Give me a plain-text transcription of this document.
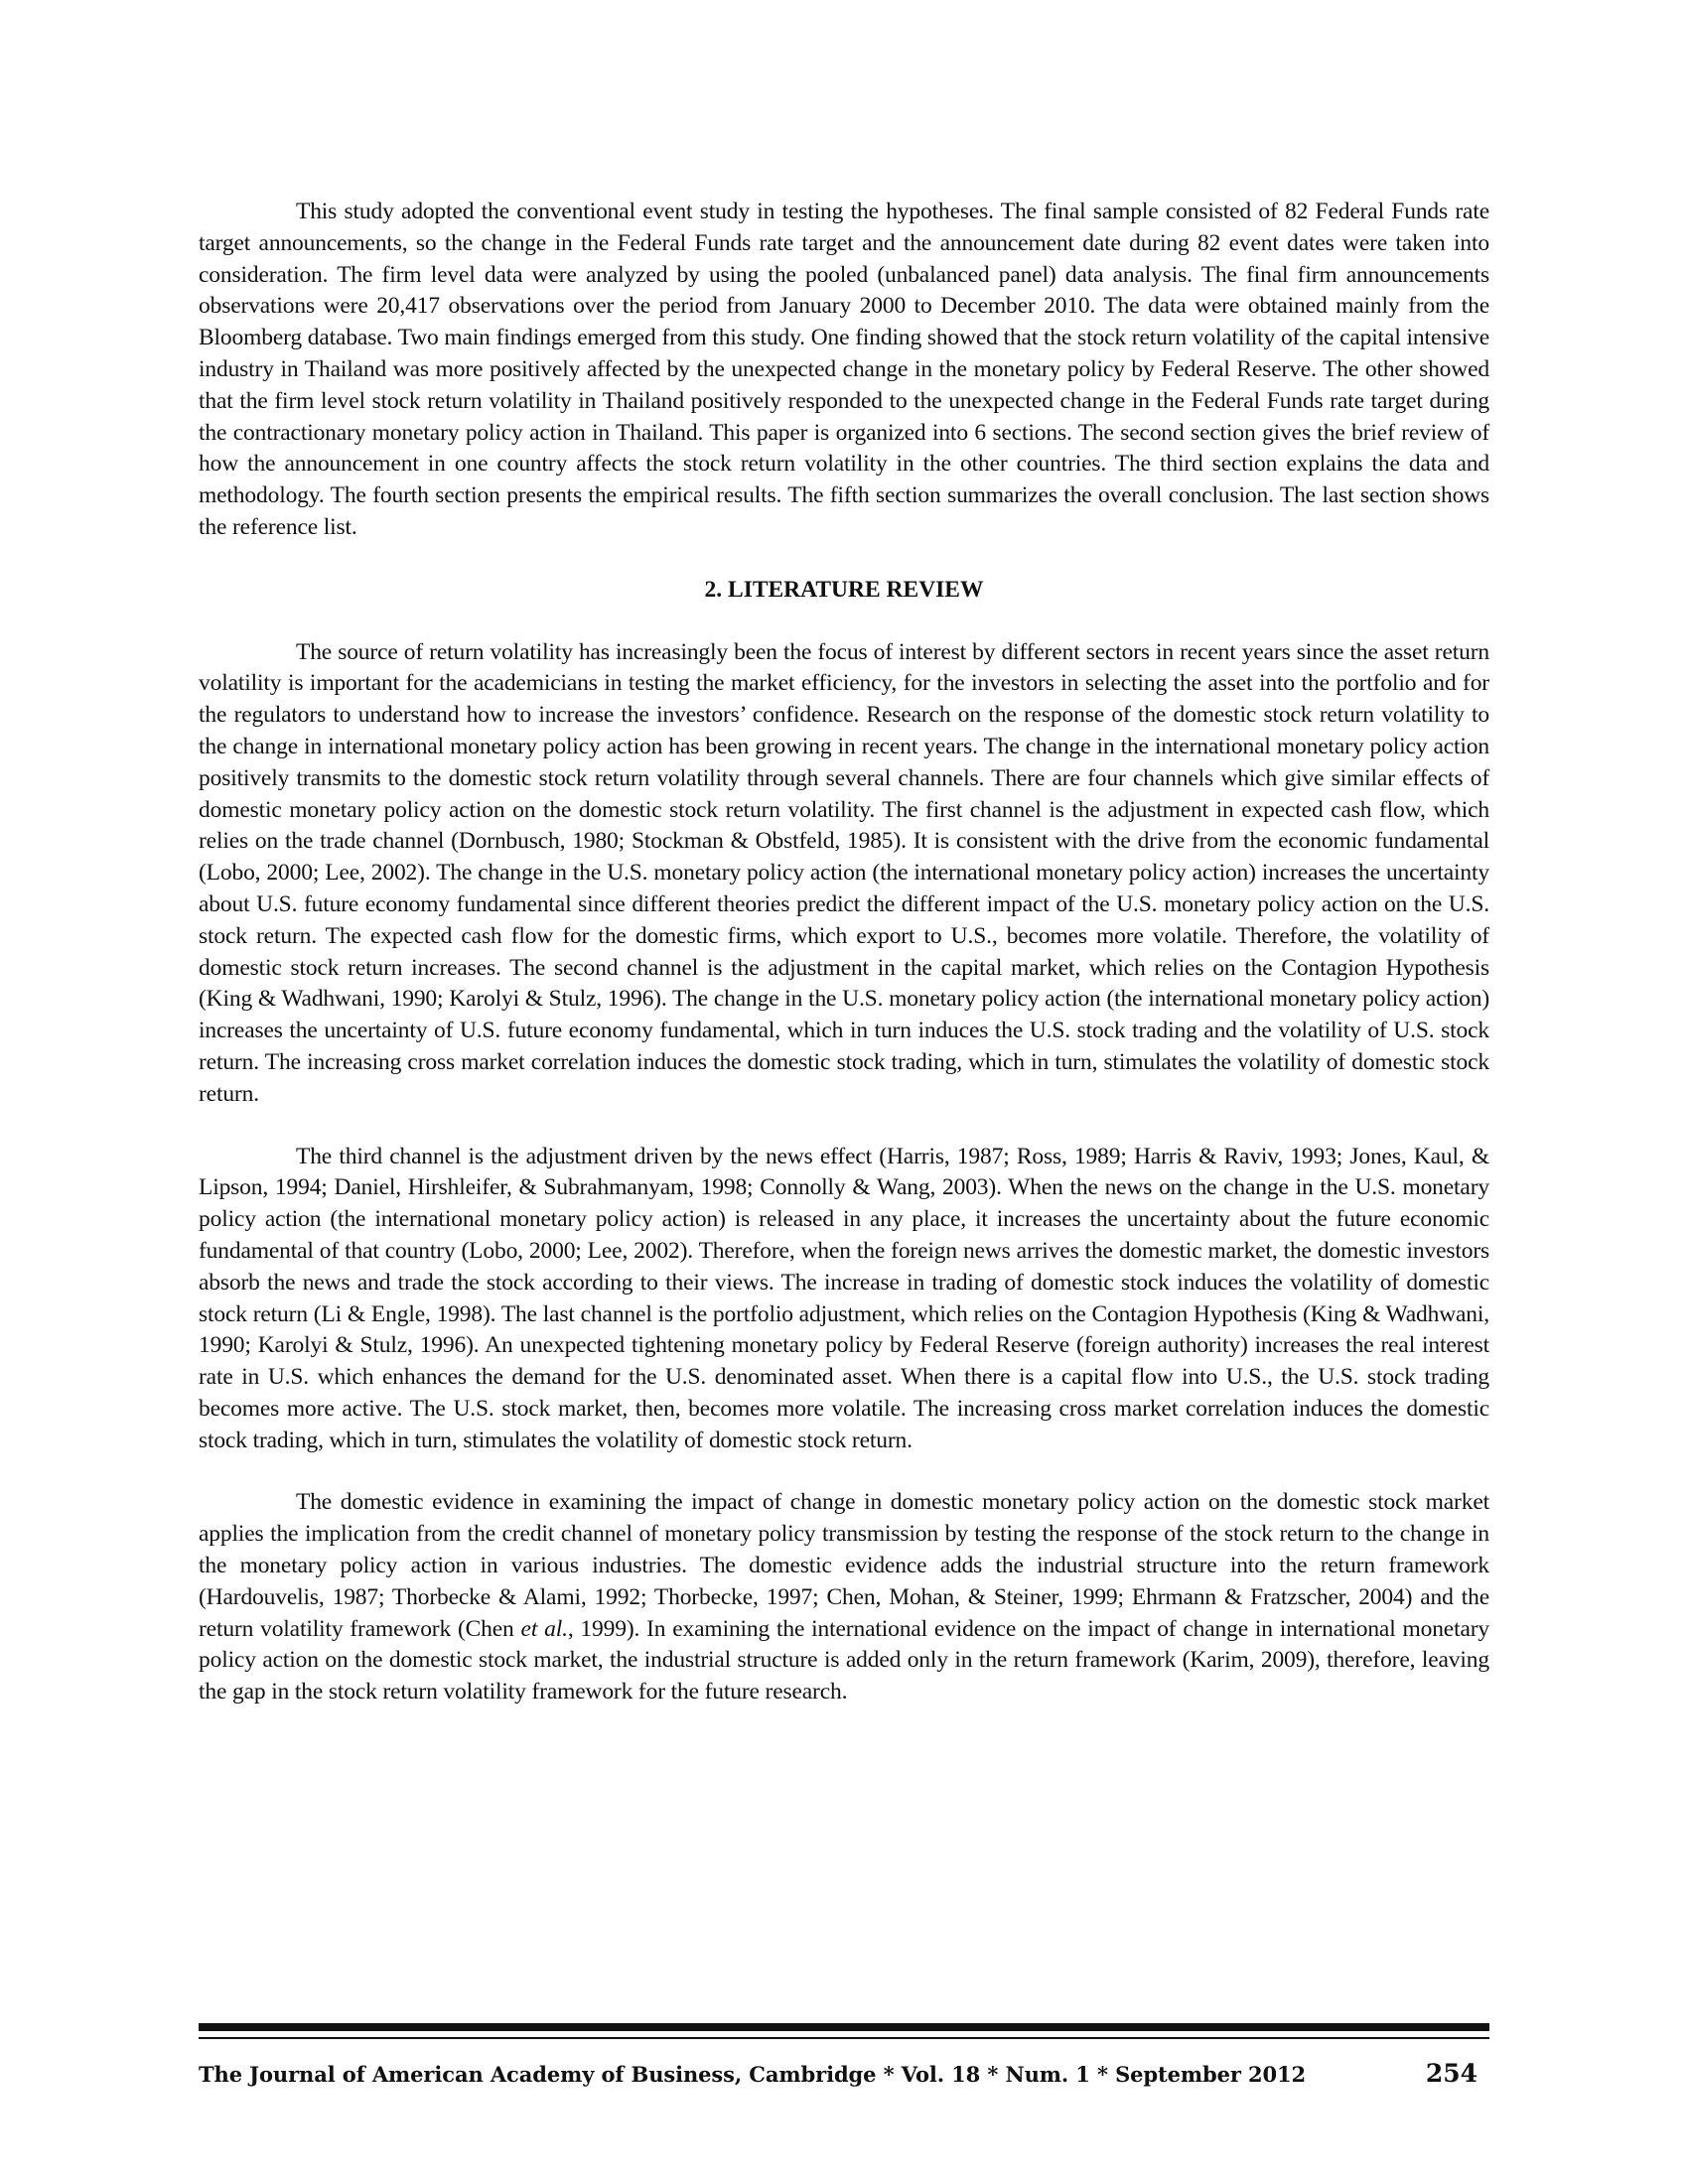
This study adopted the conventional event study in testing the hypotheses. The final sample consisted of 82 Federal Funds rate target announcements, so the change in the Federal Funds rate target and the announcement date during 82 event dates were taken into consideration. The firm level data were analyzed by using the pooled (unbalanced panel) data analysis. The final firm announcements observations were 20,417 observations over the period from January 2000 to December 2010. The data were obtained mainly from the Bloomberg database. Two main findings emerged from this study. One finding showed that the stock return volatility of the capital intensive industry in Thailand was more positively affected by the unexpected change in the monetary policy by Federal Reserve. The other showed that the firm level stock return volatility in Thailand positively responded to the unexpected change in the Federal Funds rate target during the contractionary monetary policy action in Thailand. This paper is organized into 6 sections. The second section gives the brief review of how the announcement in one country affects the stock return volatility in the other countries. The third section explains the data and methodology. The fourth section presents the empirical results. The fifth section summarizes the overall conclusion. The last section shows the reference list.

2. LITERATURE REVIEW

The source of return volatility has increasingly been the focus of interest by different sectors in recent years since the asset return volatility is important for the academicians in testing the market efficiency, for the investors in selecting the asset into the portfolio and for the regulators to understand how to increase the investors’ confidence. Research on the response of the domestic stock return volatility to the change in international monetary policy action has been growing in recent years. The change in the international monetary policy action positively transmits to the domestic stock return volatility through several channels. There are four channels which give similar effects of domestic monetary policy action on the domestic stock return volatility. The first channel is the adjustment in expected cash flow, which relies on the trade channel (Dornbusch, 1980; Stockman & Obstfeld, 1985). It is consistent with the drive from the economic fundamental (Lobo, 2000; Lee, 2002). The change in the U.S. monetary policy action (the international monetary policy action) increases the uncertainty about U.S. future economy fundamental since different theories predict the different impact of the U.S. monetary policy action on the U.S. stock return. The expected cash flow for the domestic firms, which export to U.S., becomes more volatile. Therefore, the volatility of domestic stock return increases. The second channel is the adjustment in the capital market, which relies on the Contagion Hypothesis (King & Wadhwani, 1990; Karolyi & Stulz, 1996). The change in the U.S. monetary policy action (the international monetary policy action) increases the uncertainty of U.S. future economy fundamental, which in turn induces the U.S. stock trading and the volatility of U.S. stock return. The increasing cross market correlation induces the domestic stock trading, which in turn, stimulates the volatility of domestic stock return.

The third channel is the adjustment driven by the news effect (Harris, 1987; Ross, 1989; Harris & Raviv, 1993; Jones, Kaul, & Lipson, 1994; Daniel, Hirshleifer, & Subrahmanyam, 1998; Connolly & Wang, 2003). When the news on the change in the U.S. monetary policy action (the international monetary policy action) is released in any place, it increases the uncertainty about the future economic fundamental of that country (Lobo, 2000; Lee, 2002). Therefore, when the foreign news arrives the domestic market, the domestic investors absorb the news and trade the stock according to their views. The increase in trading of domestic stock induces the volatility of domestic stock return (Li & Engle, 1998). The last channel is the portfolio adjustment, which relies on the Contagion Hypothesis (King & Wadhwani, 1990; Karolyi & Stulz, 1996). An unexpected tightening monetary policy by Federal Reserve (foreign authority) increases the real interest rate in U.S. which enhances the demand for the U.S. denominated asset. When there is a capital flow into U.S., the U.S. stock trading becomes more active. The U.S. stock market, then, becomes more volatile. The increasing cross market correlation induces the domestic stock trading, which in turn, stimulates the volatility of domestic stock return.

The domestic evidence in examining the impact of change in domestic monetary policy action on the domestic stock market applies the implication from the credit channel of monetary policy transmission by testing the response of the stock return to the change in the monetary policy action in various industries. The domestic evidence adds the industrial structure into the return framework (Hardouvelis, 1987; Thorbecke & Alami, 1992; Thorbecke, 1997; Chen, Mohan, & Steiner, 1999; Ehrmann & Fratzscher, 2004) and the return volatility framework (Chen et al., 1999). In examining the international evidence on the impact of change in international monetary policy action on the domestic stock market, the industrial structure is added only in the return framework (Karim, 2009), therefore, leaving the gap in the stock return volatility framework for the future research.

The Journal of American Academy of Business, Cambridge * Vol. 18 * Num. 1 * September 2012	254
